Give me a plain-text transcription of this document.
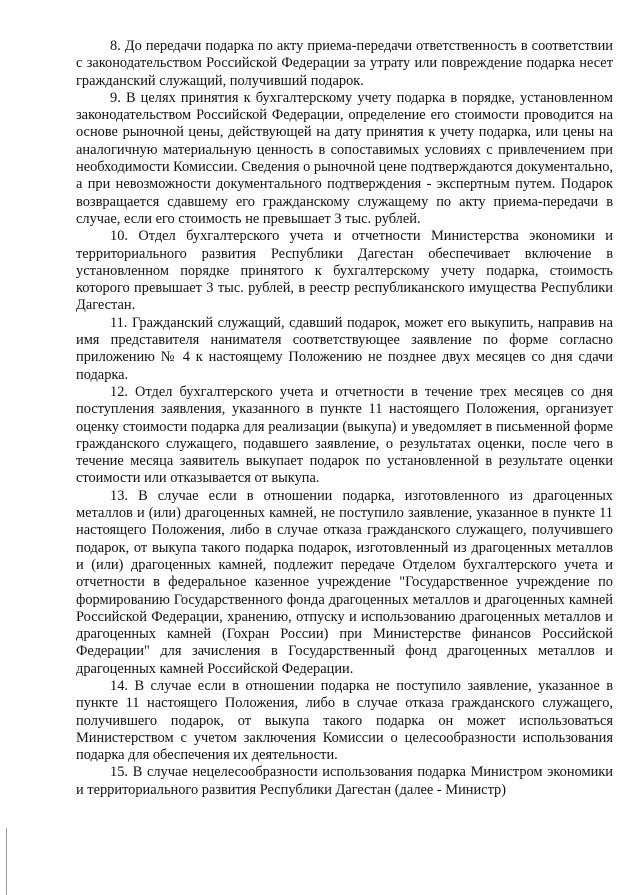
8. До передачи подарка по акту приема-передачи ответственность в соответствии с законодательством Российской Федерации за утрату или повреждение подарка несет гражданский служащий, получивший подарок.

9. В целях принятия к бухгалтерскому учету подарка в порядке, установленном законодательством Российской Федерации, определение его стоимости проводится на основе рыночной цены, действующей на дату принятия к учету подарка, или цены на аналогичную материальную ценность в сопоставимых условиях с привлечением при необходимости Комиссии. Сведения о рыночной цене подтверждаются документально, а при невозможности документального подтверждения - экспертным путем. Подарок возвращается сдавшему его гражданскому служащему по акту приема-передачи в случае, если его стоимость не превышает 3 тыс. рублей.

10. Отдел бухгалтерского учета и отчетности Министерства экономики и территориального развития Республики Дагестан обеспечивает включение в установленном порядке принятого к бухгалтерскому учету подарка, стоимость которого превышает 3 тыс. рублей, в реестр республиканского имущества Республики Дагестан.

11. Гражданский служащий, сдавший подарок, может его выкупить, направив на имя представителя нанимателя соответствующее заявление по форме согласно приложению № 4 к настоящему Положению не позднее двух месяцев со дня сдачи подарка.

12. Отдел бухгалтерского учета и отчетности в течение трех месяцев со дня поступления заявления, указанного в пункте 11 настоящего Положения, организует оценку стоимости подарка для реализации (выкупа) и уведомляет в письменной форме гражданского служащего, подавшего заявление, о результатах оценки, после чего в течение месяца заявитель выкупает подарок по установленной в результате оценки стоимости или отказывается от выкупа.

13. В случае если в отношении подарка, изготовленного из драгоценных металлов и (или) драгоценных камней, не поступило заявление, указанное в пункте 11 настоящего Положения, либо в случае отказа гражданского служащего, получившего подарок, от выкупа такого подарка подарок, изготовленный из драгоценных металлов и (или) драгоценных камней, подлежит передаче Отделом бухгалтерского учета и отчетности в федеральное казенное учреждение "Государственное учреждение по формированию Государственного фонда драгоценных металлов и драгоценных камней Российской Федерации, хранению, отпуску и использованию драгоценных металлов и драгоценных камней (Гохран России) при Министерстве финансов Российской Федерации" для зачисления в Государственный фонд драгоценных металлов и драгоценных камней Российской Федерации.

14. В случае если в отношении подарка не поступило заявление, указанное в пункте 11 настоящего Положения, либо в случае отказа гражданского служащего, получившего подарок, от выкупа такого подарка он может использоваться Министерством с учетом заключения Комиссии о целесообразности использования подарка для обеспечения их деятельности.

15. В случае нецелесообразности использования подарка Министром экономики и территориального развития Республики Дагестан (далее - Министр)
